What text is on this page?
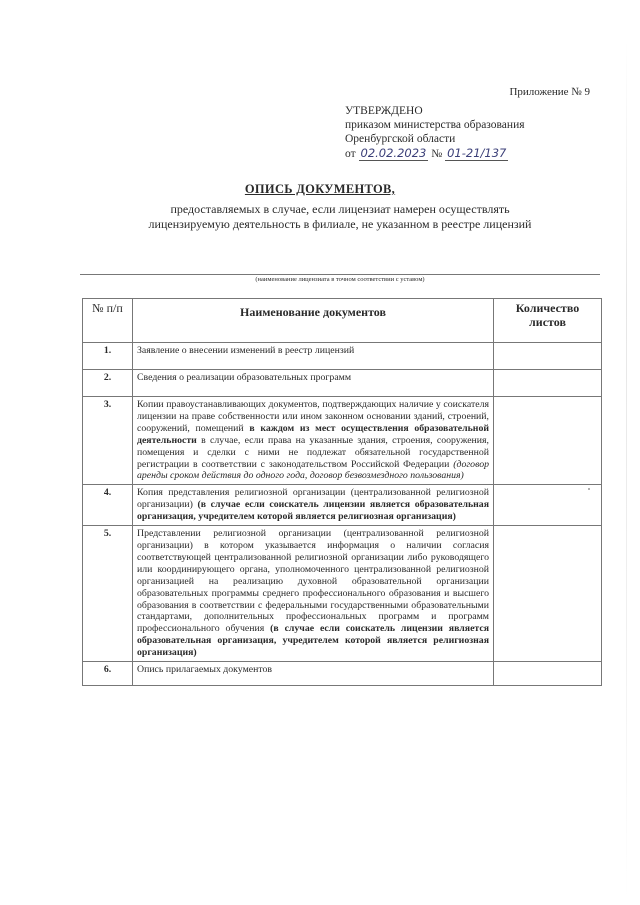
Приложение № 9
УТВЕРЖДЕНО
приказом министерства образования
Оренбургской области
от 02.02.2023 № 01-21/137
ОПИСЬ ДОКУМЕНТОВ,
предоставляемых в случае, если лицензиат намерен осуществлять
лицензируемую деятельность в филиале, не указанном в реестре лицензий
(наименование лицензиата в точном соответствии с уставом)
№ п/п	Наименование документов	Количество листов
1.	Заявление о внесении изменений в реестр лицензий	
2.	Сведения о реализации образовательных программ	
3.	Копии правоустанавливающих документов, подтверждающих наличие у соискателя лицензии на праве собственности или ином законном основании зданий, строений, сооружений, помещений в каждом из мест осуществления образовательной деятельности в случае, если права на указанные здания, строения, сооружения, помещения и сделки с ними не подлежат обязательной государственной регистрации в соответствии с законодательством Российской Федерации (договор аренды сроком действия до одного года, договор безвозмездного пользования)	
4.	Копия представления религиозной организации (централизованной религиозной организации) (в случае если соискатель лицензии является образовательная организация, учредителем которой является религиозная организация)	
5.	Представлении религиозной организации (централизованной религиозной организации) в котором указывается информация о наличии согласия соответствующей централизованной религиозной организации либо руководящего или координирующего органа, уполномоченного централизованной религиозной организацией на реализацию духовной образовательной организации образовательных программы среднего профессионального образования и высшего образования в соответствии с федеральными государственными образовательными стандартами, дополнительных профессиональных программ и программ профессионального обучения (в случае если соискатель лицензии является образовательная организация, учредителем которой является религиозная организация)	
6.	Опись прилагаемых документов	
